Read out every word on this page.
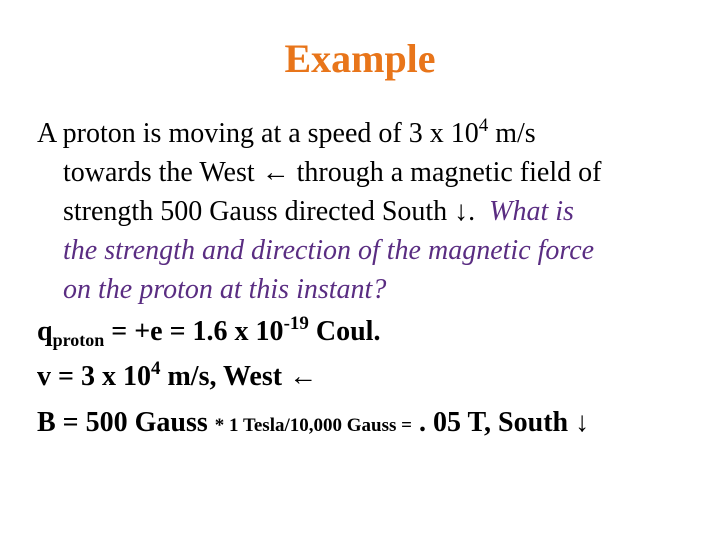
Example
A proton is moving at a speed of 3 x $10^4$ m/s
towards the West ← through a magnetic field of
strength 500 Gauss directed South ↓. What is
the strength and direction of the magnetic force
on the proton at this instant?
$q_{proton} = +e = 1.6$ x $10^{-19}$ Coul.
v = 3 x $10^4$ m/s, West ←
B = 500 Gauss * 1 Tesla/10,000 Gauss = . 05 T, South ↓
